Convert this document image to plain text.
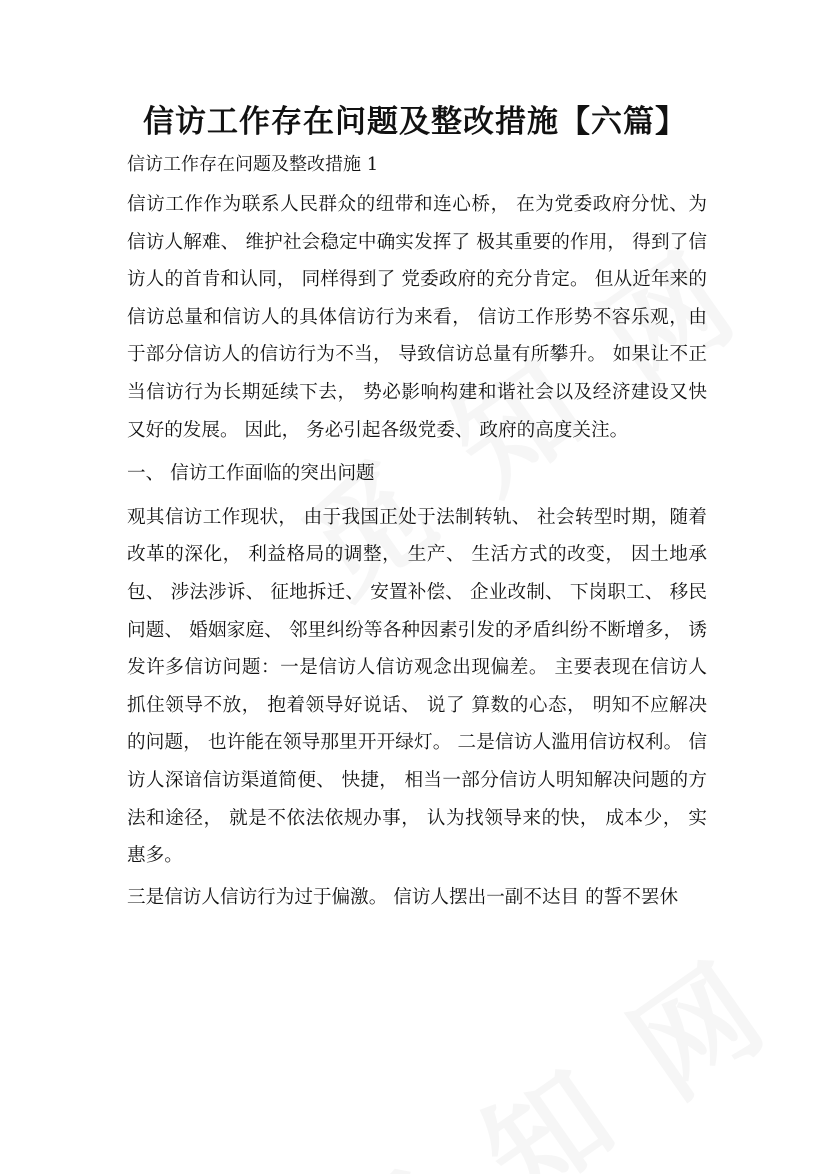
信访工作存在问题及整改措施【六篇】

信访工作存在问题及整改措施 1

信访工作作为联系人民群众的纽带和连心桥， 在为党委政府分忧、为信访人解难、 维护社会稳定中确实发挥了 极其重要的作用， 得到了信访人的首肯和认同， 同样得到了 党委政府的充分肯定。 但从近年来的信访总量和信访人的具体信访行为来看， 信访工作形势不容乐观，由于部分信访人的信访行为不当， 导致信访总量有所攀升。 如果让不正当信访行为长期延续下去， 势必影响构建和谐社会以及经济建设又快又好的发展。 因此， 务必引起各级党委、 政府的高度关注。

一、 信访工作面临的突出问题

观其信访工作现状， 由于我国正处于法制转轨、 社会转型时期，随着改革的深化， 利益格局的调整， 生产、 生活方式的改变， 因土地承包、 涉法涉诉、 征地拆迁、 安置补偿、 企业改制、 下岗职工、 移民问题、 婚姻家庭、 邻里纠纷等各种因素引发的矛盾纠纷不断增多， 诱发许多信访问题：一是信访人信访观念出现偏差。 主要表现在信访人抓住领导不放， 抱着领导好说话、 说了 算数的心态， 明知不应解决的问题， 也许能在领导那里开开绿灯。 二是信访人滥用信访权利。 信访人深谙信访渠道简便、 快捷， 相当一部分信访人明知解决问题的方法和途径， 就是不依法依规办事， 认为找领导来的快， 成本少， 实惠多。

三是信访人信访行为过于偏激。 信访人摆出一副不达目 的誓不罢休
